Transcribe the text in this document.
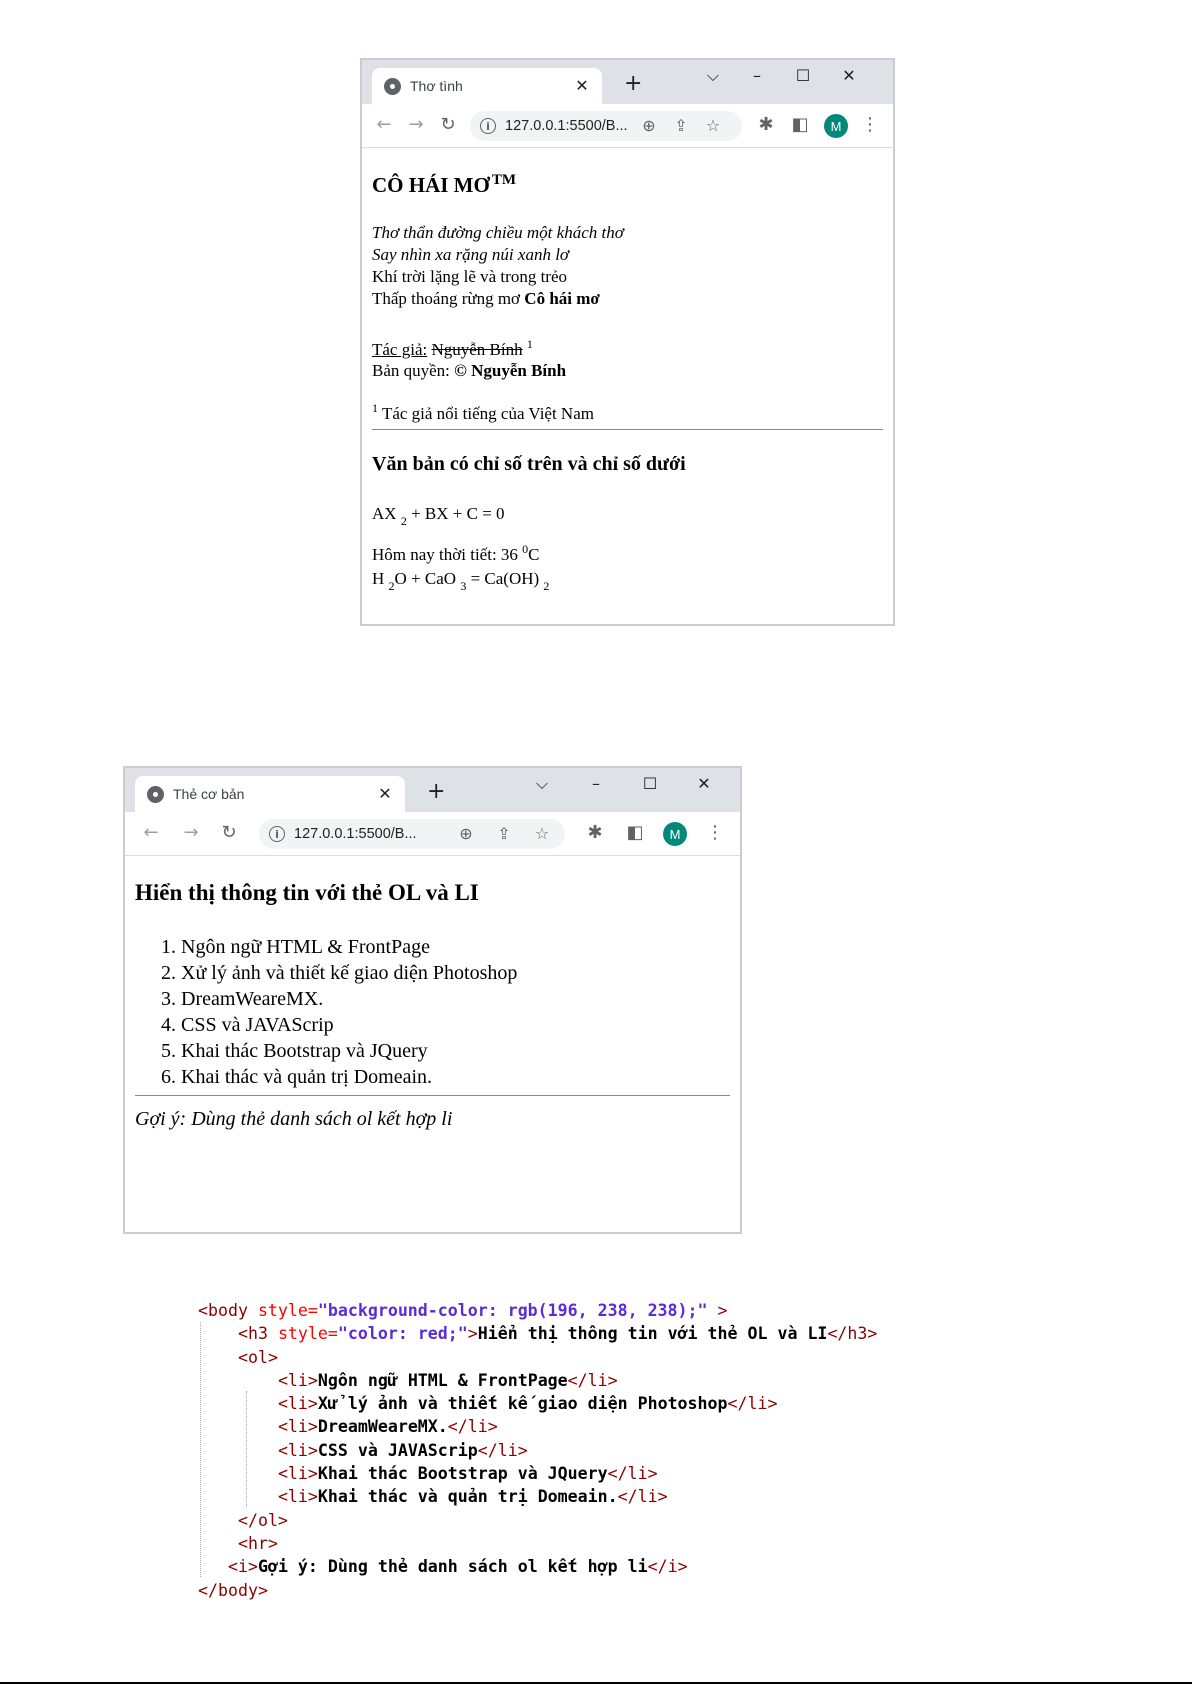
Thơ tình	✕ +	⌵	–	☐	✕
← → ↻	i	127.0.0.1:5500/B... ⊕ ⇪ ☆ ✱ ◧	M	⋮
CÔ HÁI MƠ ™
Thơ thẩn đường chiều một khách thơ
Say nhìn xa rặng núi xanh lơ
Khí trời lặng lẽ và trong trẻo
Thấp thoáng rừng mơ Cô hái mơ
Tác giả: Nguyễn Bính $^1$
Bản quyền: © Nguyễn Bính
$^1$ Tác giả nổi tiếng của Việt Nam
Văn bản có chỉ số trên và chỉ số dưới
AX $_2$ + BX + C = 0
Hôm nay thời tiết: 36 $^0$C
H $_2$O + CaO $_3$ = Ca(OH) $_2$
Thẻ cơ bản	✕ +	⌵	–	☐	✕
← → ↻	i	127.0.0.1:5500/B...	⊕ ⇪ ☆ ✱ ◧	M	⋮
Hiển thị thông tin với thẻ OL và LI
1. Ngôn ngữ HTML & FrontPage
2. Xử lý ảnh và thiết kế giao diện Photoshop
3. DreamWeareMX.
4. CSS và JAVAScrip
5. Khai thác Bootstrap và JQuery
6. Khai thác và quản trị Domeain.
Gợi ý: Dùng thẻ danh sách ol kết hợp li
<body style="background-color: rgb(196, 238, 238);" >
<h3 style="color: red;">Hiển thị thông tin với thẻ OL và LI</h3>
<ol>
<li>Ngôn ngữ HTML & FrontPage</li>
<li>Xử lý ảnh và thiết kế giao diện Photoshop</li>
<li>DreamWeareMX.</li>
<li>CSS và JAVAScrip</li>
<li>Khai thác Bootstrap và JQuery</li>
<li>Khai thác và quản trị Domeain.</li>
</ol>
<hr>
<i>Gợi ý: Dùng thẻ danh sách ol kết hợp li</i>
</body>
